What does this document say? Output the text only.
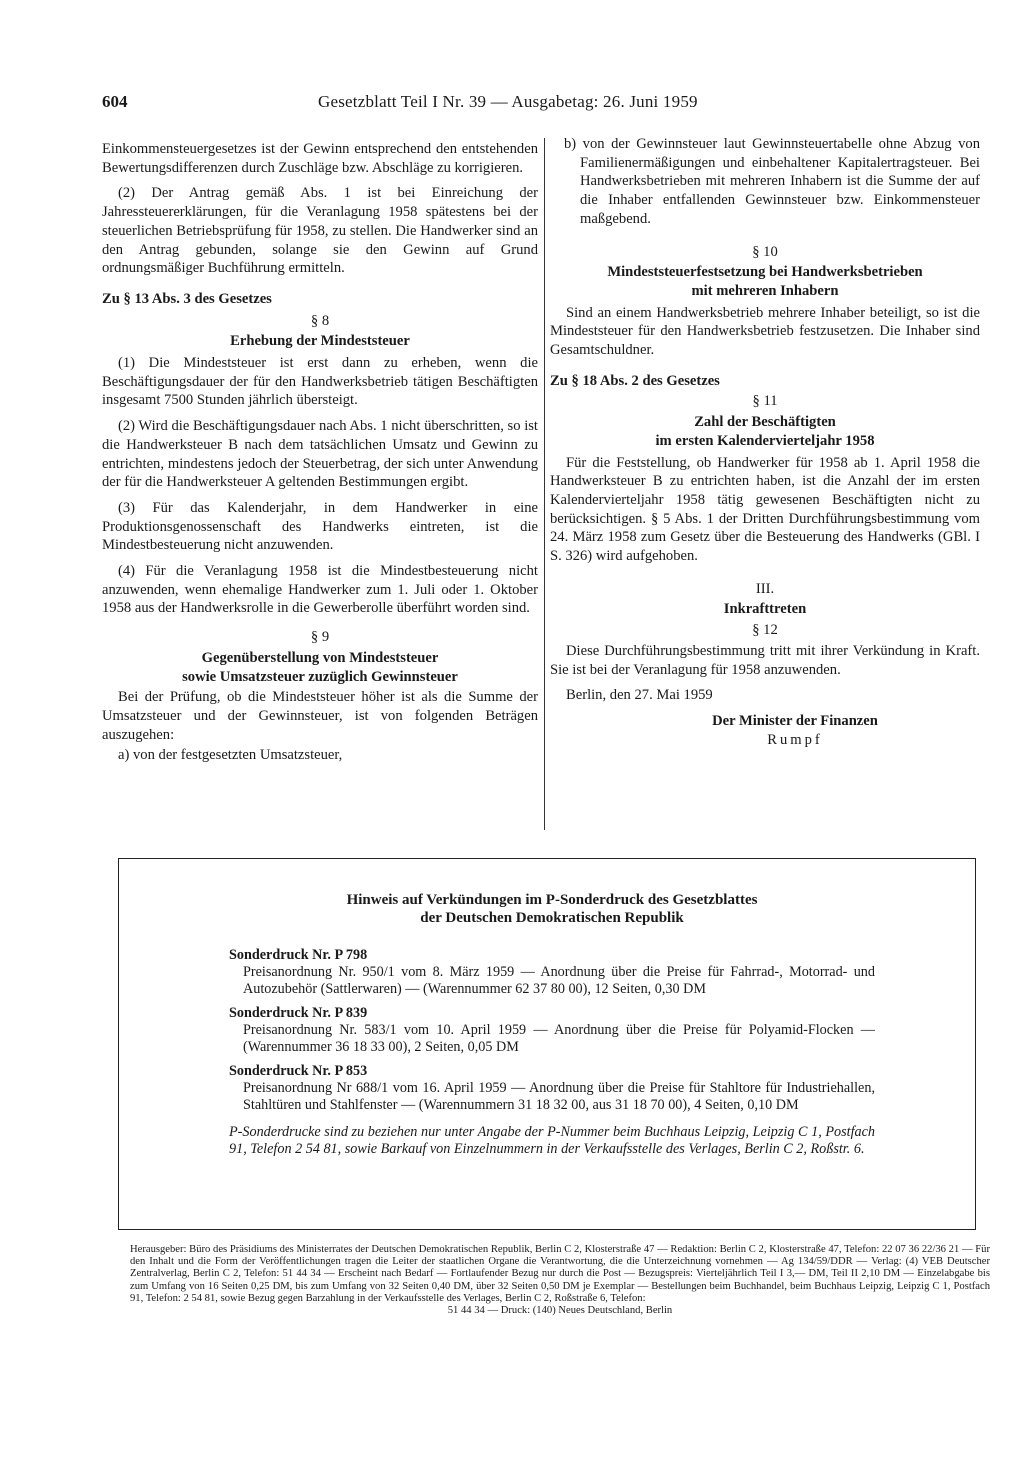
604	Gesetzblatt Teil I Nr. 39 — Ausgabetag: 26. Juni 1959

Einkommensteuergesetzes ist der Gewinn entsprechend den entstehenden Bewertungsdifferenzen durch Zuschläge bzw. Abschläge zu korrigieren.

(2) Der Antrag gemäß Abs. 1 ist bei Einreichung der Jahressteuererklärungen, für die Veranlagung 1958 spätestens bei der steuerlichen Betriebsprüfung für 1958, zu stellen. Die Handwerker sind an den Antrag gebunden, solange sie den Gewinn auf Grund ordnungsmäßiger Buchführung ermitteln.

Zu § 13 Abs. 3 des Gesetzes

§ 8

Erhebung der Mindeststeuer

(1) Die Mindeststeuer ist erst dann zu erheben, wenn die Beschäftigungsdauer der für den Handwerksbetrieb tätigen Beschäftigten insgesamt 7500 Stunden jährlich übersteigt.

(2) Wird die Beschäftigungsdauer nach Abs. 1 nicht überschritten, so ist die Handwerksteuer B nach dem tatsächlichen Umsatz und Gewinn zu entrichten, mindestens jedoch der Steuerbetrag, der sich unter Anwendung der für die Handwerksteuer A geltenden Bestimmungen ergibt.

(3) Für das Kalenderjahr, in dem Handwerker in eine Produktionsgenossenschaft des Handwerks eintreten, ist die Mindestbesteuerung nicht anzuwenden.

(4) Für die Veranlagung 1958 ist die Mindestbesteuerung nicht anzuwenden, wenn ehemalige Handwerker zum 1. Juli oder 1. Oktober 1958 aus der Handwerksrolle in die Gewerberolle überführt worden sind.

§ 9

Gegenüberstellung von Mindeststeuer

sowie Umsatzsteuer zuzüglich Gewinnsteuer

Bei der Prüfung, ob die Mindeststeuer höher ist als die Summe der Umsatzsteuer und der Gewinnsteuer, ist von folgenden Beträgen auszugehen:

a) von der festgesetzten Umsatzsteuer,

b) von der Gewinnsteuer laut Gewinnsteuertabelle ohne Abzug von Familienermäßigungen und einbehaltener Kapitalertragsteuer. Bei Handwerksbetrieben mit mehreren Inhabern ist die Summe der auf die Inhaber entfallenden Gewinnsteuer bzw. Einkommensteuer maßgebend.

§ 10

Mindeststeuerfestsetzung bei Handwerksbetrieben

mit mehreren Inhabern

Sind an einem Handwerksbetrieb mehrere Inhaber beteiligt, so ist die Mindeststeuer für den Handwerksbetrieb festzusetzen. Die Inhaber sind Gesamtschuldner.

Zu § 18 Abs. 2 des Gesetzes

§ 11

Zahl der Beschäftigten

im ersten Kalendervierteljahr 1958

Für die Feststellung, ob Handwerker für 1958 ab 1. April 1958 die Handwerksteuer B zu entrichten haben, ist die Anzahl der im ersten Kalendervierteljahr 1958 tätig gewesenen Beschäftigten nicht zu berücksichtigen. § 5 Abs. 1 der Dritten Durchführungsbestimmung vom 24. März 1958 zum Gesetz über die Besteuerung des Handwerks (GBl. I S. 326) wird aufgehoben.

III.

Inkrafttreten

§ 12

Diese Durchführungsbestimmung tritt mit ihrer Verkündung in Kraft. Sie ist bei der Veranlagung für 1958 anzuwenden.

Berlin, den 27. Mai 1959

Der Minister der Finanzen

Rumpf

Hinweis auf Verkündungen im P-Sonderdruck des Gesetzblattes
der Deutschen Demokratischen Republik
Sonderdruck Nr. P 798
Preisanordnung Nr. 950/1 vom 8. März 1959 — Anordnung über die Preise für Fahrrad-, Motorrad- und Autozubehör (Sattlerwaren) — (Warennummer 62 37 80 00), 12 Seiten, 0,30 DM
Sonderdruck Nr. P 839
Preisanordnung Nr. 583/1 vom 10. April 1959 — Anordnung über die Preise für Polyamid-Flocken — (Warennummer 36 18 33 00), 2 Seiten, 0,05 DM
Sonderdruck Nr. P 853
Preisanordnung Nr 688/1 vom 16. April 1959 — Anordnung über die Preise für Stahltore für Industriehallen, Stahltüren und Stahlfenster — (Warennummern 31 18 32 00, aus 31 18 70 00), 4 Seiten, 0,10 DM
P-Sonderdrucke sind zu beziehen nur unter Angabe der P-Nummer beim Buchhaus Leipzig, Leipzig C 1, Postfach 91, Telefon 2 54 81, sowie Barkauf von Einzelnummern in der Verkaufsstelle des Verlages, Berlin C 2, Roßstr. 6.
Herausgeber: Büro des Präsidiums des Ministerrates der Deutschen Demokratischen Republik, Berlin C 2, Klosterstraße 47 — Redaktion: Berlin C 2, Klosterstraße 47, Telefon: 22 07 36 22/36 21 — Für den Inhalt und die Form der Veröffentlichungen tragen die Leiter der staatlichen Organe die Verantwortung, die die Unterzeichnung vornehmen — Ag 134/59/DDR — Verlag: (4) VEB Deutscher Zentralverlag, Berlin C 2, Telefon: 51 44 34 — Erscheint nach Bedarf — Fortlaufender Bezug nur durch die Post — Bezugspreis: Vierteljährlich Teil I 3,— DM, Teil II 2,10 DM — Einzelabgabe bis zum Umfang von 16 Seiten 0,25 DM, bis zum Umfang von 32 Seiten 0,40 DM, über 32 Seiten 0,50 DM je Exemplar — Bestellungen beim Buchhandel, beim Buchhaus Leipzig, Leipzig C 1, Postfach 91, Telefon: 2 54 81, sowie Bezug gegen Barzahlung in der Verkaufsstelle des Verlages, Berlin C 2, Roßstraße 6, Telefon:
51 44 34 — Druck: (140) Neues Deutschland, Berlin
